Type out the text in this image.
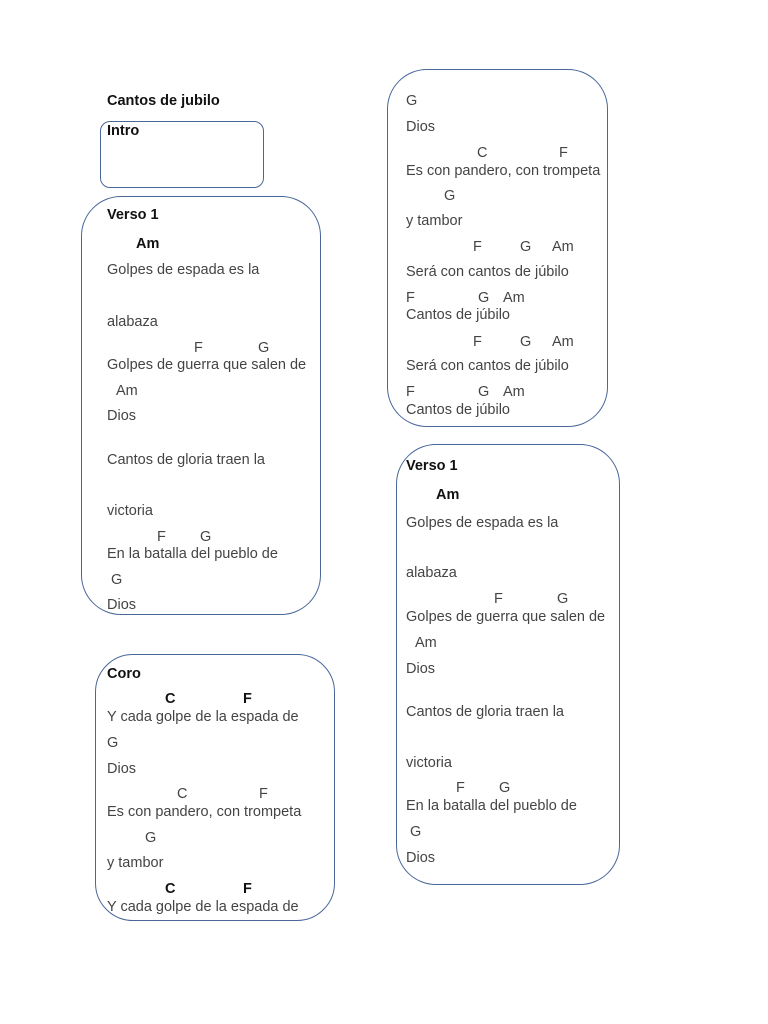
Cantos de jubilo
Intro
Verso 1
Am
Golpes de espada es la
alabaza
F	G
Golpes de guerra que salen de
Am
Dios
Cantos de gloria traen la
victoria
F G
En la batalla del pueblo de
G
Dios
Coro
C	F
Y cada golpe de la espada de
G
Dios
C	F
Es con pandero, con trompeta
G
y tambor
C	F
Y cada golpe de la espada de
G
Dios
C	F
Es con pandero, con trompeta
G
y tambor
F	G Am
Será con cantos de júbilo
F	G Am
Cantos de júbilo
F	G Am
Será con cantos de júbilo
F	G Am
Cantos de júbilo
Verso 1
Am
Golpes de espada es la
alabaza
F	G
Golpes de guerra que salen de
Am
Dios
Cantos de gloria traen la
victoria
F G
En la batalla del pueblo de
G
Dios
